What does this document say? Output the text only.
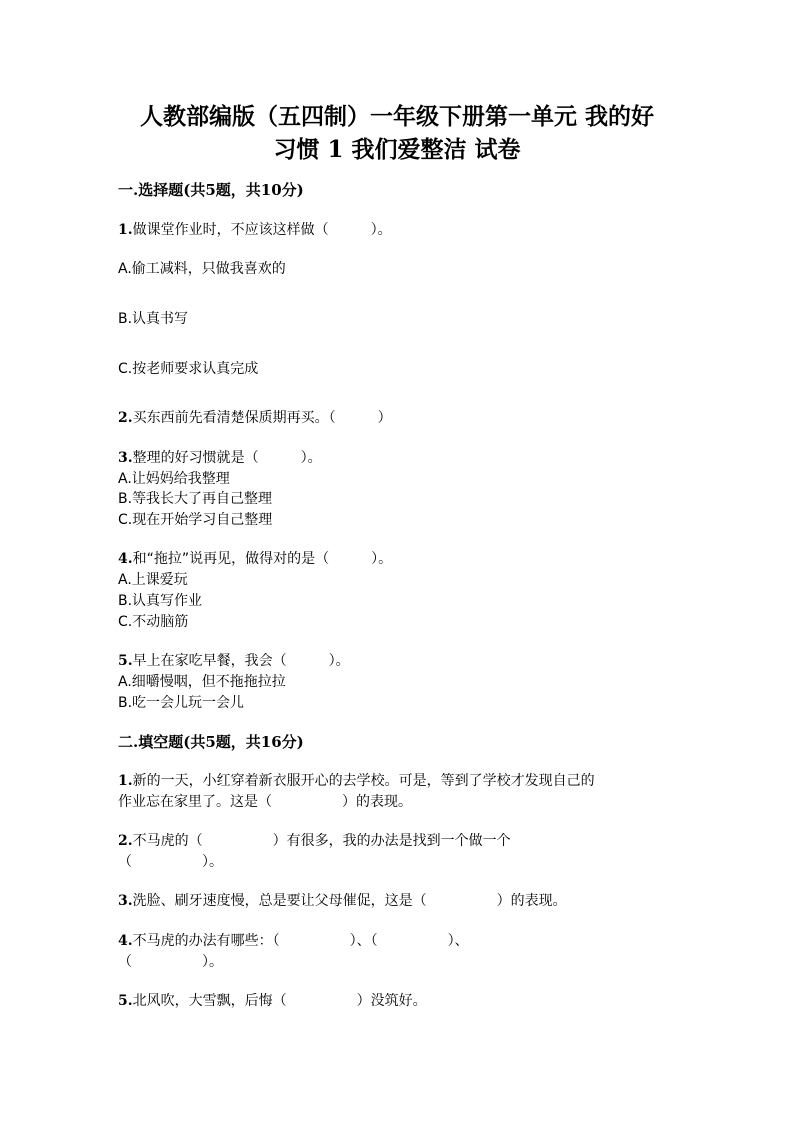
人教部编版（五四制）一年级下册第一单元 我的好
习惯 1 我们爱整洁 试卷
一.选择题(共5题，共10分)
1.做课堂作业时，不应该这样做（　　　）。
A.偷工减料，只做我喜欢的
B.认真书写
C.按老师要求认真完成
2.买东西前先看清楚保质期再买。（　　　）
3.整理的好习惯就是（　　　）。
A.让妈妈给我整理
B.等我长大了再自己整理
C.现在开始学习自己整理
4.和“拖拉”说再见，做得对的是（　　　）。
A.上课爱玩
B.认真写作业
C.不动脑筋
5.早上在家吃早餐，我会（　　　）。
A.细嚼慢咽，但不拖拖拉拉
B.吃一会儿玩一会儿
二.填空题(共5题，共16分)
1.新的一天，小红穿着新衣服开心的去学校。可是，等到了学校才发现自己的
作业忘在家里了。这是（　　　　　）的表现。
2.不马虎的（　　　　　）有很多，我的办法是找到一个做一个
（　　　　　）。
3.洗脸、刷牙速度慢，总是要让父母催促，这是（　　　　　）的表现。
4.不马虎的办法有哪些：（　　　　　）、（　　　　　）、
（　　　　　）。
5.北风吹，大雪飘，后悔（　　　　　）没筑好。
